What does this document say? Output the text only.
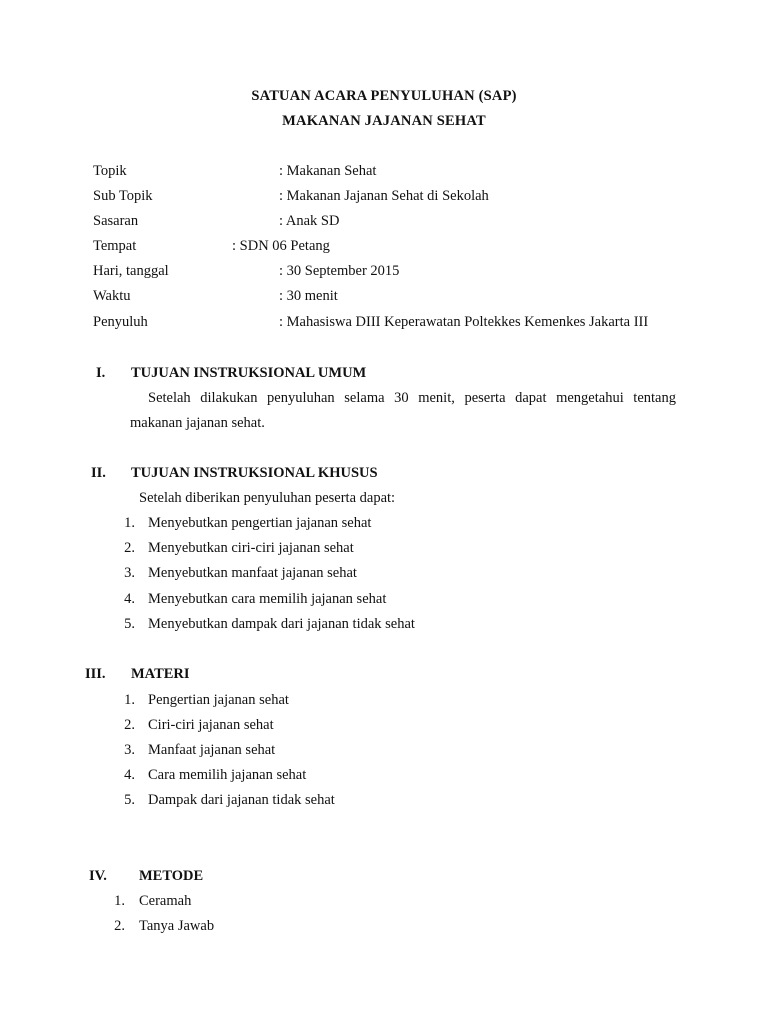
SATUAN ACARA PENYULUHAN (SAP)
MAKANAN JAJANAN SEHAT
Topik	: Makanan Sehat
Sub Topik	: Makanan Jajanan Sehat di Sekolah
Sasaran	: Anak SD
Tempat	: SDN 06 Petang
Hari, tanggal	: 30 September 2015
Waktu	: 30 menit
Penyuluh	: Mahasiswa DIII Keperawatan Poltekkes Kemenkes Jakarta III
I. TUJUAN INSTRUKSIONAL UMUM
Setelah dilakukan penyuluhan selama 30 menit, peserta dapat mengetahui tentang makanan jajanan sehat.
II. TUJUAN INSTRUKSIONAL KHUSUS
Setelah diberikan penyuluhan peserta dapat:
1. Menyebutkan pengertian jajanan sehat
2. Menyebutkan ciri-ciri jajanan sehat
3. Menyebutkan manfaat jajanan sehat
4. Menyebutkan cara memilih jajanan sehat
5. Menyebutkan dampak dari jajanan tidak sehat
III. MATERI
1. Pengertian jajanan sehat
2. Ciri-ciri jajanan sehat
3. Manfaat jajanan sehat
4. Cara memilih jajanan sehat
5. Dampak dari jajanan tidak sehat
IV. METODE
1. Ceramah
2. Tanya Jawab
